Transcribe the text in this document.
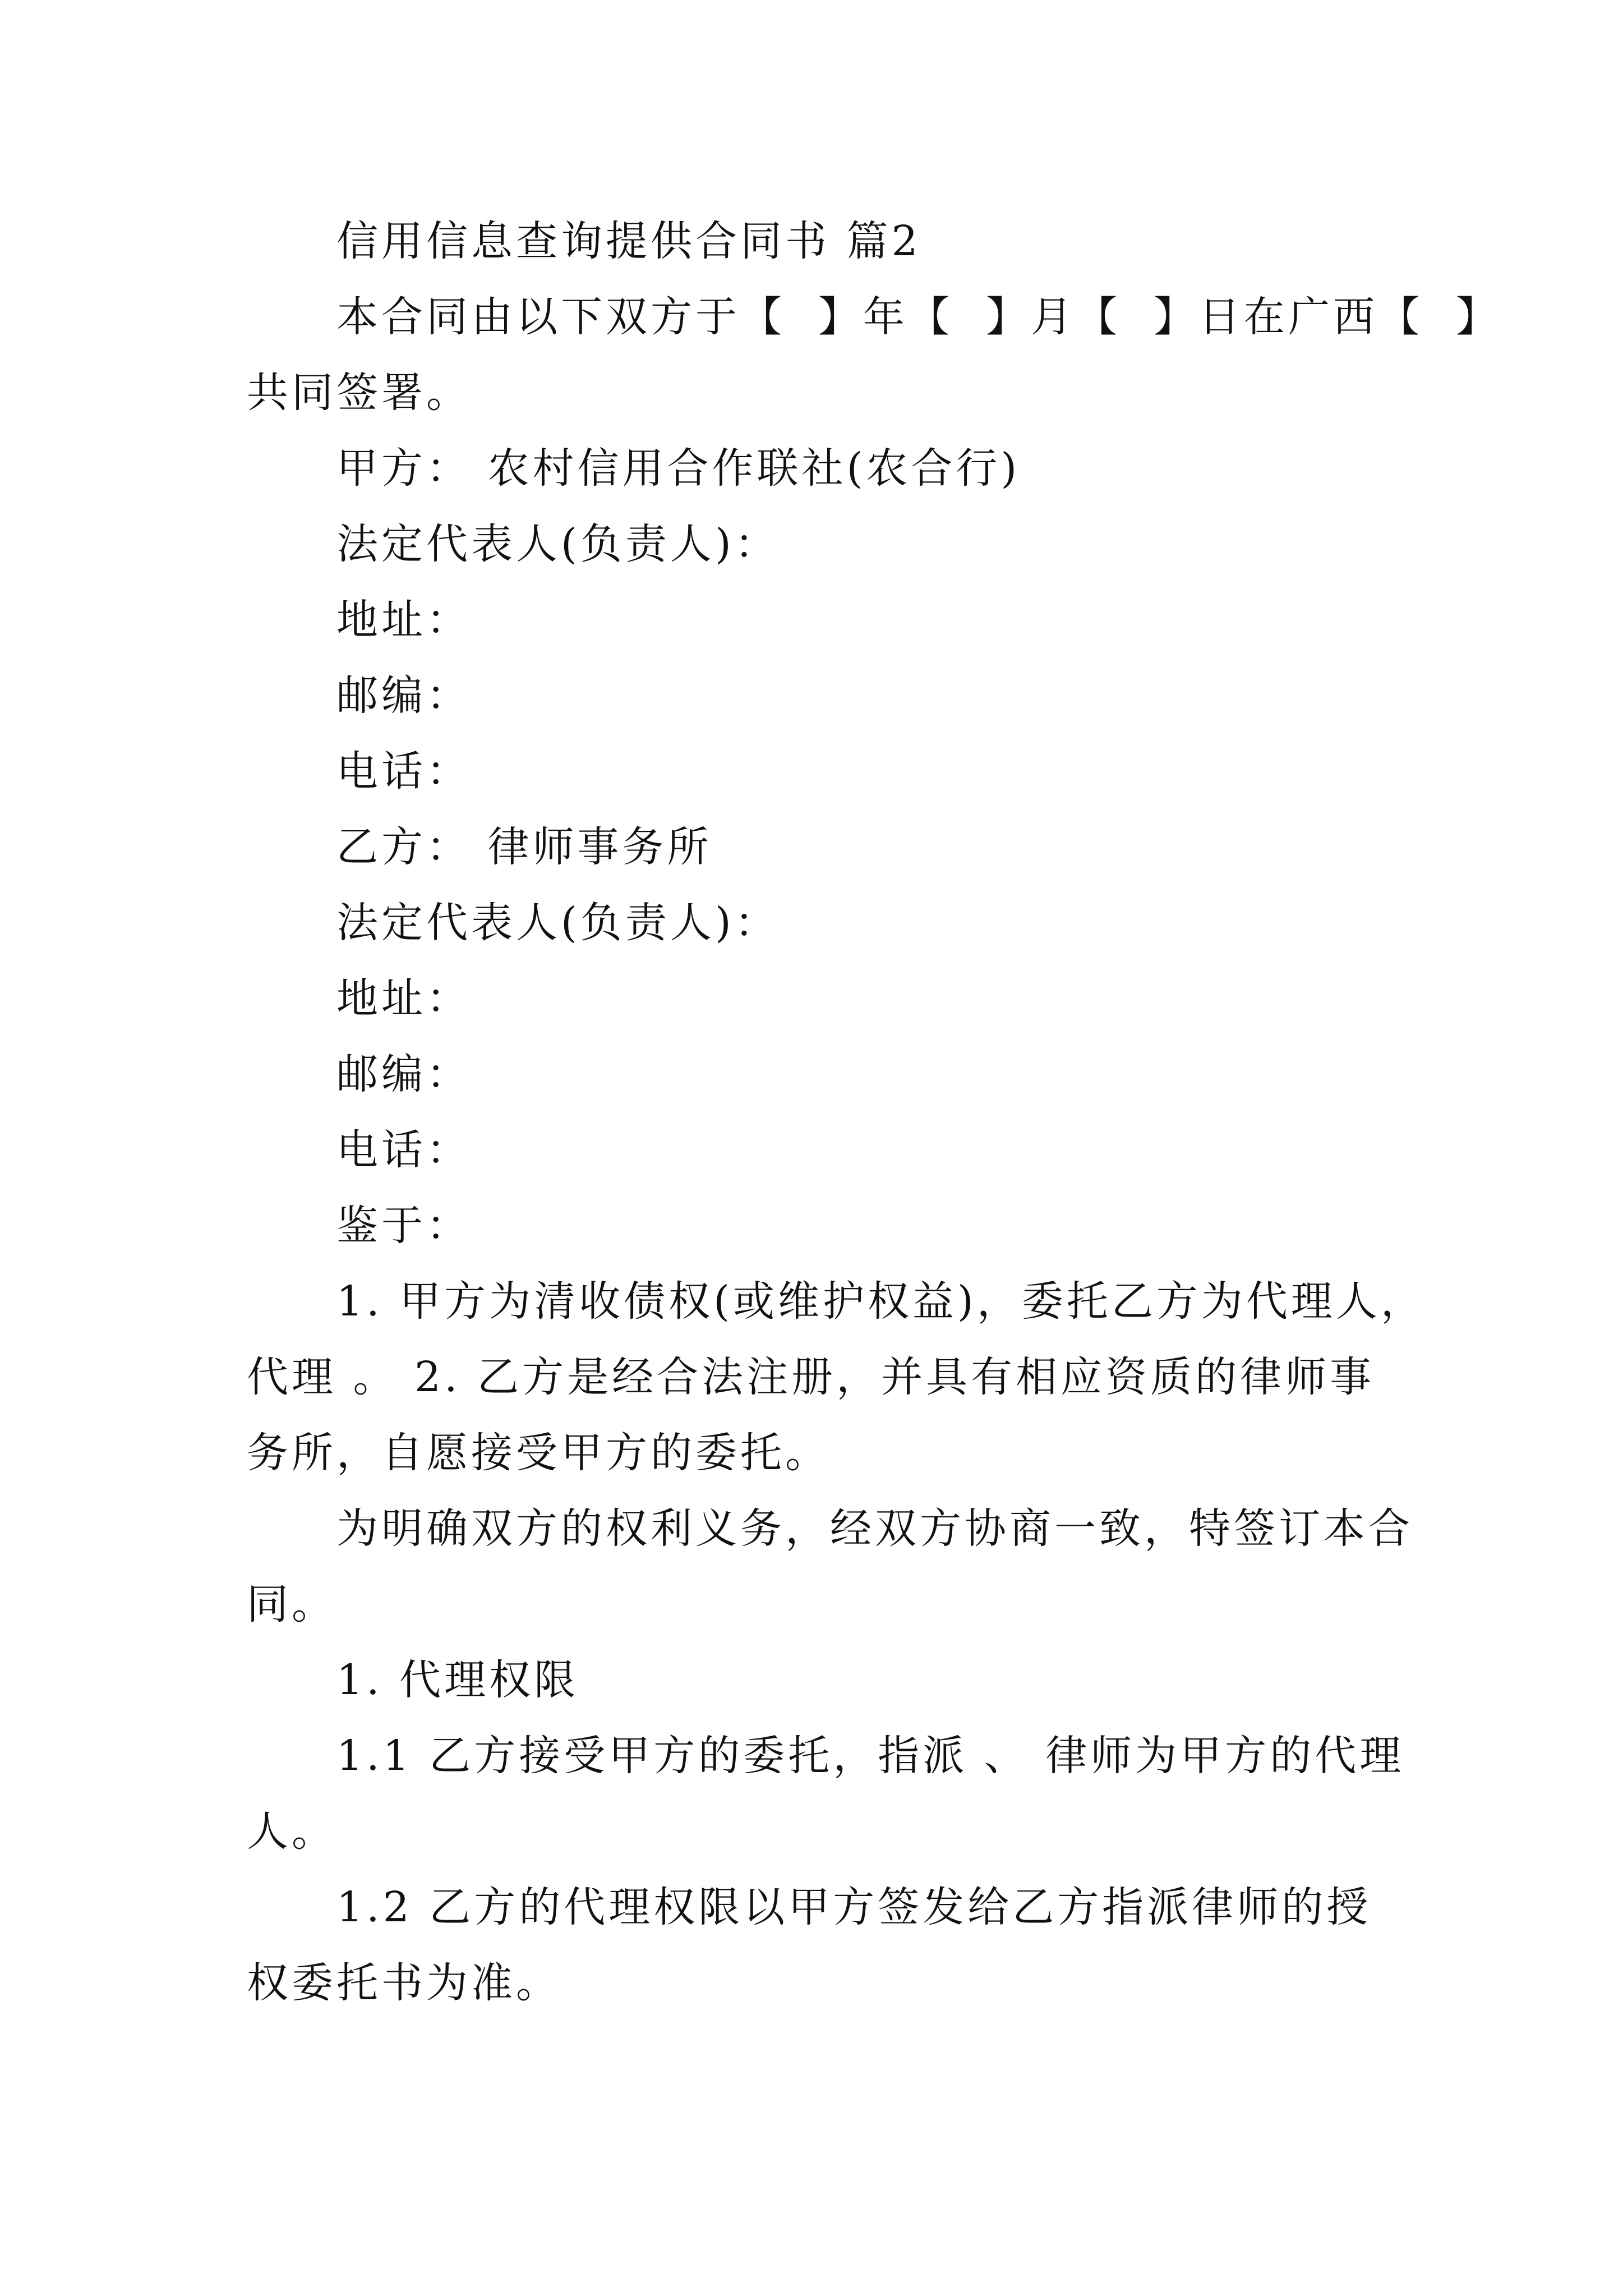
信用信息查询提供合同书 篇2
本合同由以下双方于【  】年【  】月【  】日在广西【  】
共同签署。
甲方： 农村信用合作联社(农合行)
法定代表人(负责人)：
地址：
邮编：
电话：
乙方： 律师事务所
法定代表人(负责人)：
地址：
邮编：
电话：
鉴于：
1. 甲方为清收债权(或维护权益)，委托乙方为代理人，
代理 。 2. 乙方是经合法注册，并具有相应资质的律师事
务所，自愿接受甲方的委托。
为明确双方的权利义务，经双方协商一致，特签订本合
同。
1. 代理权限
1.1 乙方接受甲方的委托，指派 、 律师为甲方的代理
人。
1.2 乙方的代理权限以甲方签发给乙方指派律师的授
权委托书为准。
